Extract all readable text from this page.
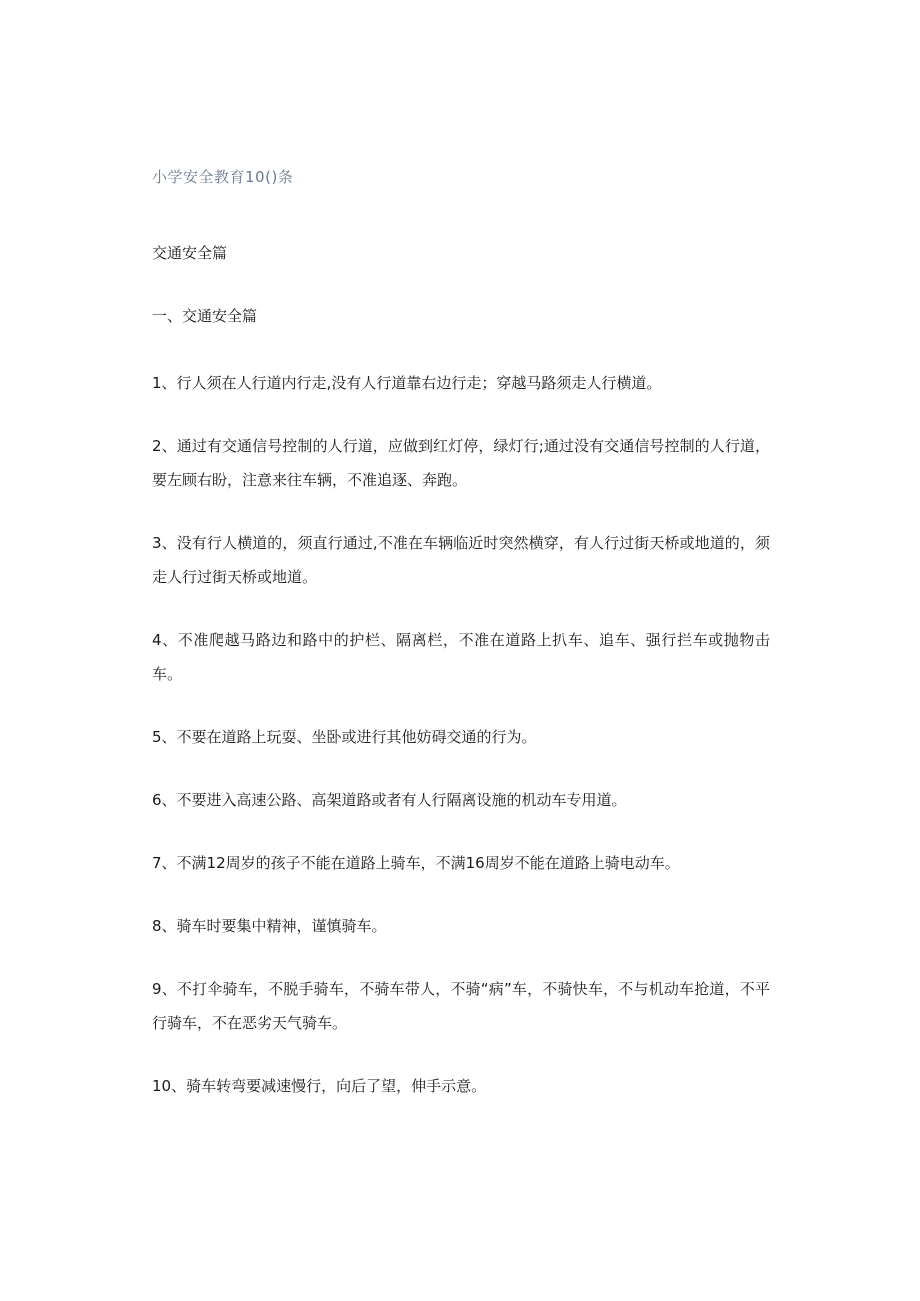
小学安全教育10()条
交通安全篇
一、交通安全篇
1、行人须在人行道内行走,没有人行道靠右边行走；穿越马路须走人行横道。
2、通过有交通信号控制的人行道，应做到红灯停，绿灯行;通过没有交通信号控制的人行道，要左顾右盼，注意来往车辆，不准追逐、奔跑。
3、没有行人横道的，须直行通过,不准在车辆临近时突然横穿，有人行过街天桥或地道的，须走人行过街天桥或地道。
4、不准爬越马路边和路中的护栏、隔离栏，不准在道路上扒车、追车、强行拦车或抛物击车。
5、不要在道路上玩耍、坐卧或进行其他妨碍交通的行为。
6、不要进入高速公路、高架道路或者有人行隔离设施的机动车专用道。
7、不满12周岁的孩子不能在道路上骑车，不满16周岁不能在道路上骑电动车。
8、骑车时要集中精神，谨慎骑车。
9、不打伞骑车，不脱手骑车，不骑车带人，不骑“病”车，不骑快车，不与机动车抢道，不平行骑车，不在恶劣天气骑车。
10、骑车转弯要减速慢行，向后了望，伸手示意。
